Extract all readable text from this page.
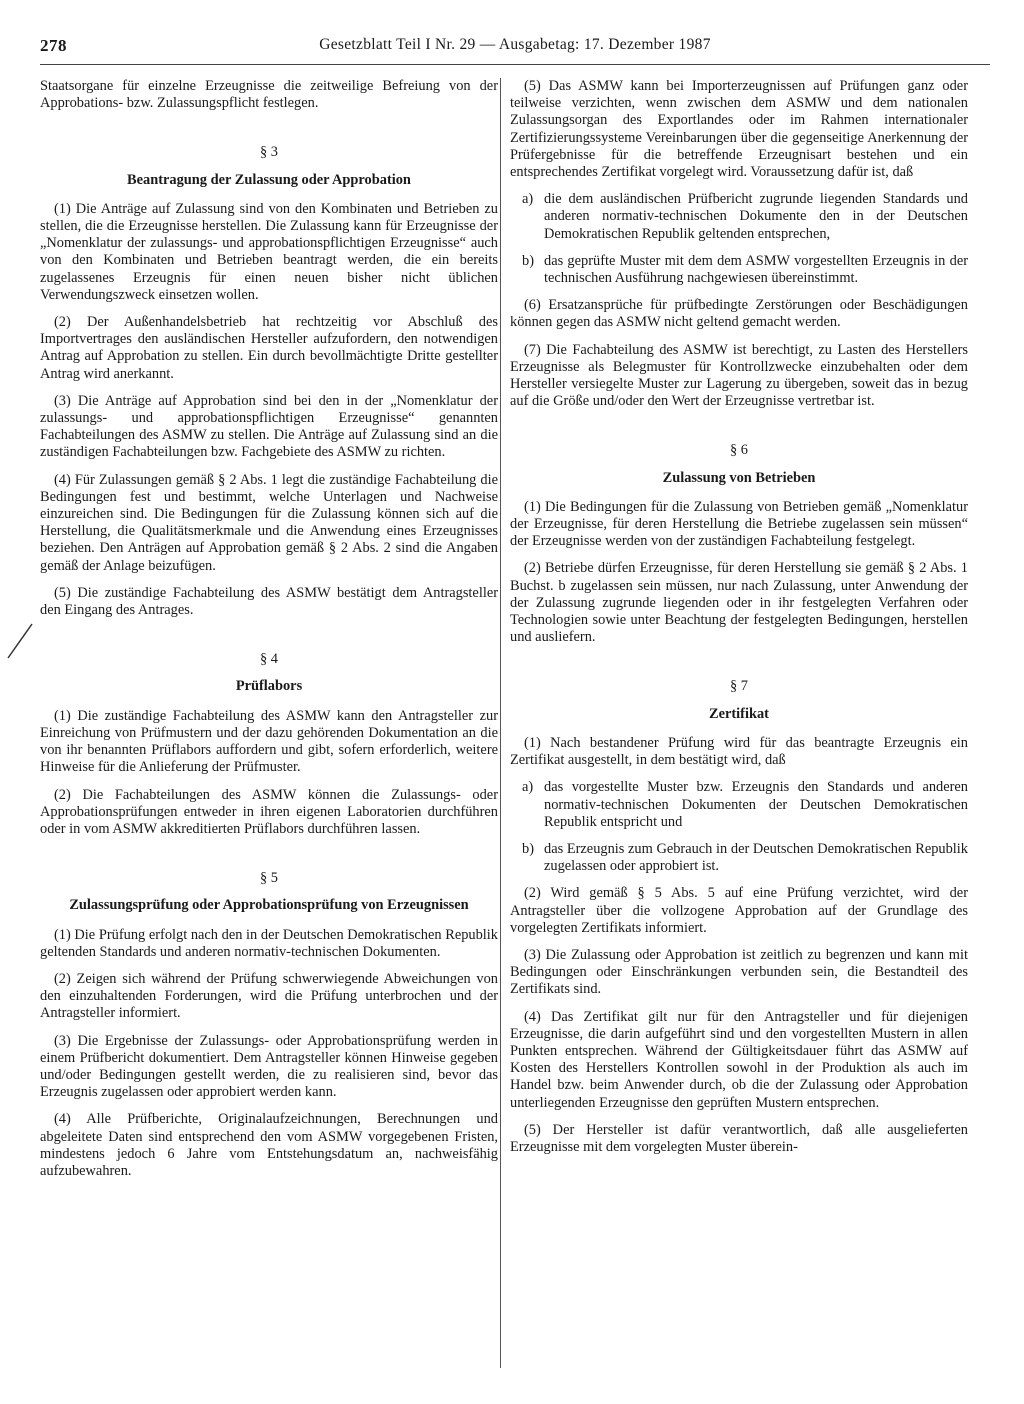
278	Gesetzblatt Teil I Nr. 29 — Ausgabetag: 17. Dezember 1987

Staatsorgane für einzelne Erzeugnisse die zeitweilige Befreiung von der Approbations- bzw. Zulassungspflicht festlegen.

§ 3
Beantragung der Zulassung oder Approbation

(1) Die Anträge auf Zulassung sind von den Kombinaten und Betrieben zu stellen, die die Erzeugnisse herstellen. Die Zulassung kann für Erzeugnisse der „Nomenklatur der zulassungs- und approbationspflichtigen Erzeugnisse“ auch von den Kombinaten und Betrieben beantragt werden, die ein bereits zugelassenes Erzeugnis für einen neuen bisher nicht üblichen Verwendungszweck einsetzen wollen.

(2) Der Außenhandelsbetrieb hat rechtzeitig vor Abschluß des Importvertrages den ausländischen Hersteller aufzufordern, den notwendigen Antrag auf Approbation zu stellen. Ein durch bevollmächtigte Dritte gestellter Antrag wird anerkannt.

(3) Die Anträge auf Approbation sind bei den in der „Nomenklatur der zulassungs- und approbationspflichtigen Erzeugnisse“ genannten Fachabteilungen des ASMW zu stellen. Die Anträge auf Zulassung sind an die zuständigen Fachabteilungen bzw. Fachgebiete des ASMW zu richten.

(4) Für Zulassungen gemäß § 2 Abs. 1 legt die zuständige Fachabteilung die Bedingungen fest und bestimmt, welche Unterlagen und Nachweise einzureichen sind. Die Bedingungen für die Zulassung können sich auf die Herstellung, die Qualitätsmerkmale und die Anwendung eines Erzeugnisses beziehen. Den Anträgen auf Approbation gemäß § 2 Abs. 2 sind die Angaben gemäß der Anlage beizufügen.

(5) Die zuständige Fachabteilung des ASMW bestätigt dem Antragsteller den Eingang des Antrages.

§ 4
Prüflabors

(1) Die zuständige Fachabteilung des ASMW kann den Antragsteller zur Einreichung von Prüfmustern und der dazu gehörenden Dokumentation an die von ihr benannten Prüflabors auffordern und gibt, sofern erforderlich, weitere Hinweise für die Anlieferung der Prüfmuster.

(2) Die Fachabteilungen des ASMW können die Zulassungs- oder Approbationsprüfungen entweder in ihren eigenen Laboratorien durchführen oder in vom ASMW akkreditierten Prüflabors durchführen lassen.

§ 5
Zulassungsprüfung oder Approbationsprüfung von Erzeugnissen

(1) Die Prüfung erfolgt nach den in der Deutschen Demokratischen Republik geltenden Standards und anderen normativ-technischen Dokumenten.

(2) Zeigen sich während der Prüfung schwerwiegende Abweichungen von den einzuhaltenden Forderungen, wird die Prüfung unterbrochen und der Antragsteller informiert.

(3) Die Ergebnisse der Zulassungs- oder Approbationsprüfung werden in einem Prüfbericht dokumentiert. Dem Antragsteller können Hinweise gegeben und/oder Bedingungen gestellt werden, die zu realisieren sind, bevor das Erzeugnis zugelassen oder approbiert werden kann.

(4) Alle Prüfberichte, Originalaufzeichnungen, Berechnungen und abgeleitete Daten sind entsprechend den vom ASMW vorgegebenen Fristen, mindestens jedoch 6 Jahre vom Entstehungsdatum an, nachweisfähig aufzubewahren.

(5) Das ASMW kann bei Importerzeugnissen auf Prüfungen ganz oder teilweise verzichten, wenn zwischen dem ASMW und dem nationalen Zulassungsorgan des Exportlandes oder im Rahmen internationaler Zertifizierungssysteme Vereinbarungen über die gegenseitige Anerkennung der Prüfergebnisse für die betreffende Erzeugnisart bestehen und ein entsprechendes Zertifikat vorgelegt wird. Voraussetzung dafür ist, daß

a) die dem ausländischen Prüfbericht zugrunde liegenden Standards und anderen normativ-technischen Dokumente den in der Deutschen Demokratischen Republik geltenden entsprechen,
b) das geprüfte Muster mit dem dem ASMW vorgestellten Erzeugnis in der technischen Ausführung nachgewiesen übereinstimmt.

(6) Ersatzansprüche für prüfbedingte Zerstörungen oder Beschädigungen können gegen das ASMW nicht geltend gemacht werden.

(7) Die Fachabteilung des ASMW ist berechtigt, zu Lasten des Herstellers Erzeugnisse als Belegmuster für Kontrollzwecke einzubehalten oder dem Hersteller versiegelte Muster zur Lagerung zu übergeben, soweit das in bezug auf die Größe und/oder den Wert der Erzeugnisse vertretbar ist.

§ 6
Zulassung von Betrieben

(1) Die Bedingungen für die Zulassung von Betrieben gemäß „Nomenklatur der Erzeugnisse, für deren Herstellung die Betriebe zugelassen sein müssen“ der Erzeugnisse werden von der zuständigen Fachabteilung festgelegt.

(2) Betriebe dürfen Erzeugnisse, für deren Herstellung sie gemäß § 2 Abs. 1 Buchst. b zugelassen sein müssen, nur nach Zulassung, unter Anwendung der der Zulassung zugrunde liegenden oder in ihr festgelegten Verfahren oder Technologien sowie unter Beachtung der festgelegten Bedingungen, herstellen und ausliefern.

§ 7
Zertifikat

(1) Nach bestandener Prüfung wird für das beantragte Erzeugnis ein Zertifikat ausgestellt, in dem bestätigt wird, daß

a) das vorgestellte Muster bzw. Erzeugnis den Standards und anderen normativ-technischen Dokumenten der Deutschen Demokratischen Republik entspricht und
b) das Erzeugnis zum Gebrauch in der Deutschen Demokratischen Republik zugelassen oder approbiert ist.

(2) Wird gemäß § 5 Abs. 5 auf eine Prüfung verzichtet, wird der Antragsteller über die vollzogene Approbation auf der Grundlage des vorgelegten Zertifikats informiert.

(3) Die Zulassung oder Approbation ist zeitlich zu begrenzen und kann mit Bedingungen oder Einschränkungen verbunden sein, die Bestandteil des Zertifikats sind.

(4) Das Zertifikat gilt nur für den Antragsteller und für diejenigen Erzeugnisse, die darin aufgeführt sind und den vorgestellten Mustern in allen Punkten entsprechen. Während der Gültigkeitsdauer führt das ASMW auf Kosten des Herstellers Kontrollen sowohl in der Produktion als auch im Handel bzw. beim Anwender durch, ob die der Zulassung oder Approbation unterliegenden Erzeugnisse den geprüften Mustern entsprechen.

(5) Der Hersteller ist dafür verantwortlich, daß alle ausgelieferten Erzeugnisse mit dem vorgelegten Muster überein-
